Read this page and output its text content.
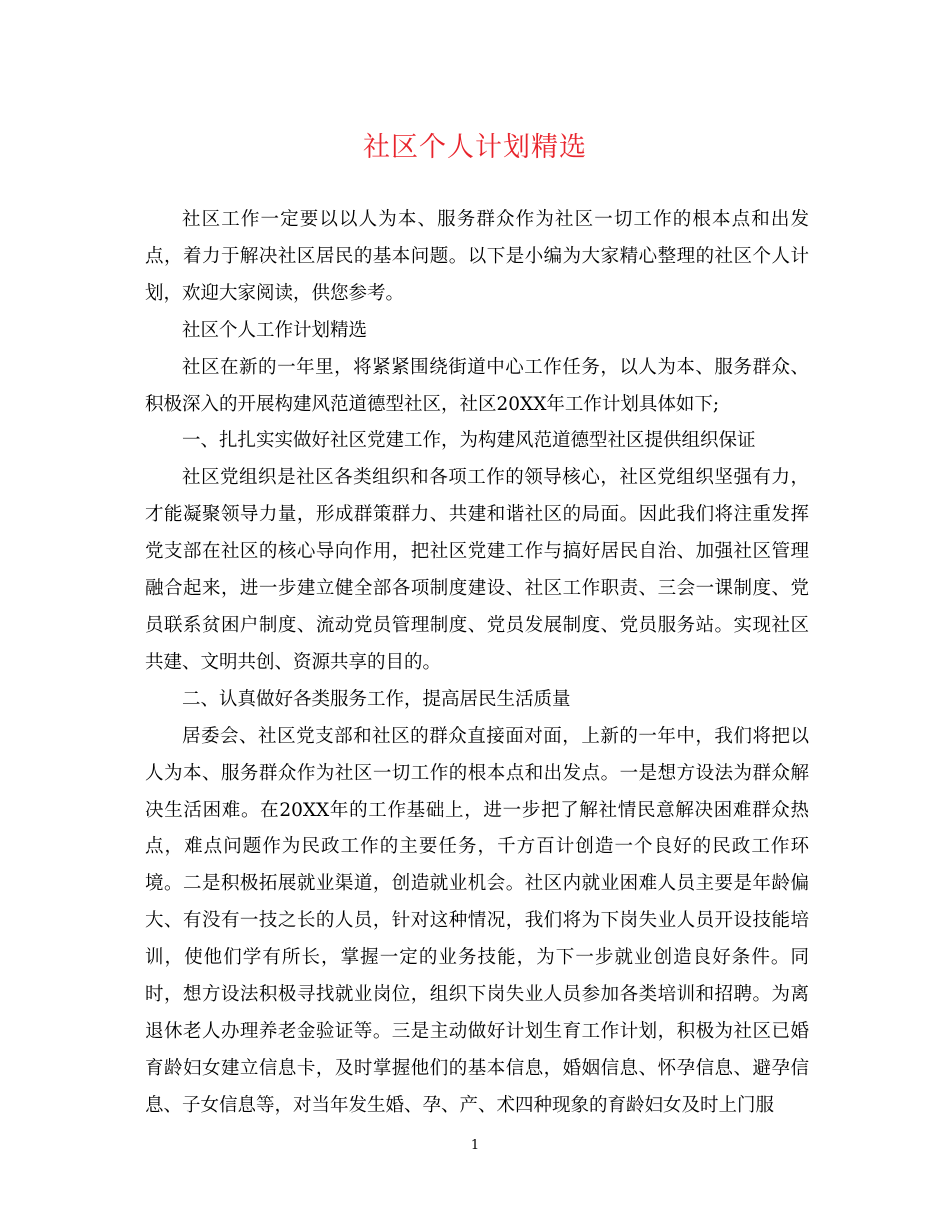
社区个人计划精选

社区工作一定要以以人为本、服务群众作为社区一切工作的根本点和出发点，着力于解决社区居民的基本问题。以下是小编为大家精心整理的社区个人计划，欢迎大家阅读，供您参考。

社区个人工作计划精选

社区在新的一年里，将紧紧围绕街道中心工作任务，以人为本、服务群众、积极深入的开展构建风范道德型社区，社区20XX年工作计划具体如下;

一、扎扎实实做好社区党建工作，为构建风范道德型社区提供组织保证

社区党组织是社区各类组织和各项工作的领导核心，社区党组织坚强有力，才能凝聚领导力量，形成群策群力、共建和谐社区的局面。因此我们将注重发挥党支部在社区的核心导向作用，把社区党建工作与搞好居民自治、加强社区管理融合起来，进一步建立健全部各项制度建设、社区工作职责、三会一课制度、党员联系贫困户制度、流动党员管理制度、党员发展制度、党员服务站。实现社区共建、文明共创、资源共享的目的。

二、认真做好各类服务工作，提高居民生活质量

居委会、社区党支部和社区的群众直接面对面，上新的一年中，我们将把以人为本、服务群众作为社区一切工作的根本点和出发点。一是想方设法为群众解决生活困难。在20XX年的工作基础上，进一步把了解社情民意解决困难群众热点，难点问题作为民政工作的主要任务，千方百计创造一个良好的民政工作环境。二是积极拓展就业渠道，创造就业机会。社区内就业困难人员主要是年龄偏大、有没有一技之长的人员，针对这种情况，我们将为下岗失业人员开设技能培训，使他们学有所长，掌握一定的业务技能，为下一步就业创造良好条件。同时，想方设法积极寻找就业岗位，组织下岗失业人员参加各类培训和招聘。为离退休老人办理养老金验证等。三是主动做好计划生育工作计划，积极为社区已婚育龄妇女建立信息卡，及时掌握他们的基本信息，婚姻信息、怀孕信息、避孕信息、子女信息等，对当年发生婚、孕、产、术四种现象的育龄妇女及时上门服

1
